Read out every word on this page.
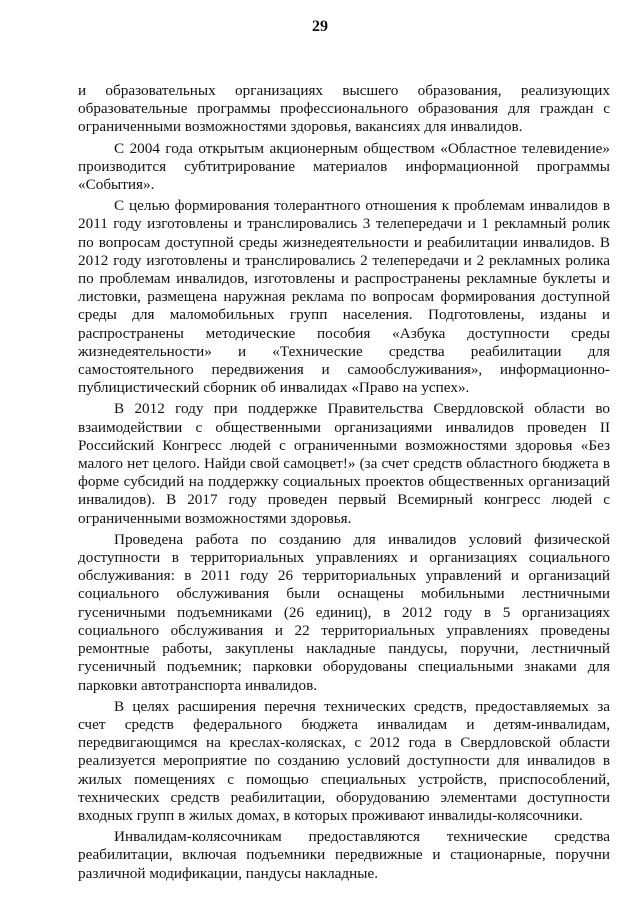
29

и образовательных организациях высшего образования, реализующих образовательные программы профессионального образования для граждан с ограниченными возможностями здоровья, вакансиях для инвалидов.

С 2004 года открытым акционерным обществом «Областное телевидение» производится субтитрирование материалов информационной программы «События».

С целью формирования толерантного отношения к проблемам инвалидов в 2011 году изготовлены и транслировались 3 телепередачи и 1 рекламный ролик по вопросам доступной среды жизнедеятельности и реабилитации инвалидов. В 2012 году изготовлены и транслировались 2 телепередачи и 2 рекламных ролика по проблемам инвалидов, изготовлены и распространены рекламные буклеты и листовки, размещена наружная реклама по вопросам формирования доступной среды для маломобильных групп населения. Подготовлены, изданы и распространены методические пособия «Азбука доступности среды жизнедеятельности» и «Технические средства реабилитации для самостоятельного передвижения и самообслуживания», информационно-публицистический сборник об инвалидах «Право на успех».

В 2012 году при поддержке Правительства Свердловской области во взаимодействии с общественными организациями инвалидов проведен II Российский Конгресс людей с ограниченными возможностями здоровья «Без малого нет целого. Найди свой самоцвет!» (за счет средств областного бюджета в форме субсидий на поддержку социальных проектов общественных организаций инвалидов). В 2017 году проведен первый Всемирный конгресс людей с ограниченными возможностями здоровья.

Проведена работа по созданию для инвалидов условий физической доступности в территориальных управлениях и организациях социального обслуживания: в 2011 году 26 территориальных управлений и организаций социального обслуживания были оснащены мобильными лестничными гусеничными подъемниками (26 единиц), в 2012 году в 5 организациях социального обслуживания и 22 территориальных управлениях проведены ремонтные работы, закуплены накладные пандусы, поручни, лестничный гусеничный подъемник; парковки оборудованы специальными знаками для парковки автотранспорта инвалидов.

В целях расширения перечня технических средств, предоставляемых за счет средств федерального бюджета инвалидам и детям-инвалидам, передвигающимся на креслах-колясках, с 2012 года в Свердловской области реализуется мероприятие по созданию условий доступности для инвалидов в жилых помещениях с помощью специальных устройств, приспособлений, технических средств реабилитации, оборудованию элементами доступности входных групп в жилых домах, в которых проживают инвалиды-колясочники.

Инвалидам-колясочникам предоставляются технические средства реабилитации, включая подъемники передвижные и стационарные, поручни различной модификации, пандусы накладные.
